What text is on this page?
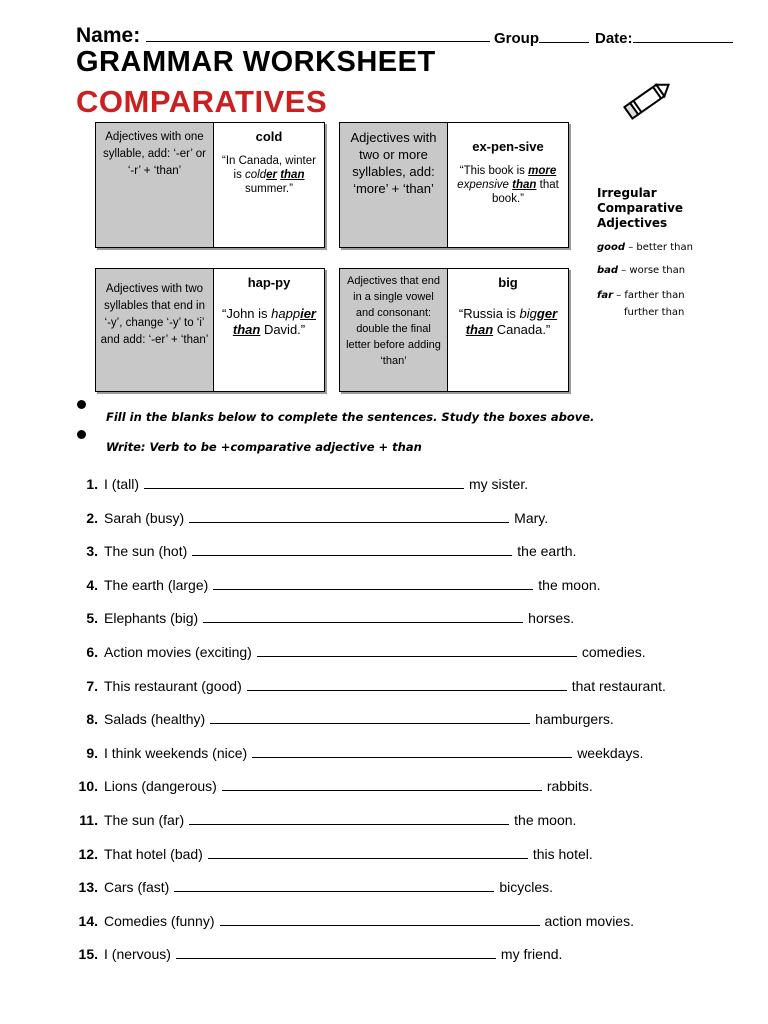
Name:	Group	Date:
GRAMMAR WORKSHEET
COMPARATIVES
Adjectives with one syllable, add: ‘-er’ or ‘-r’ + ‘than’
cold
“In Canada, winter is colder than summer.”
Adjectives with two or more syllables, add: ‘more’ + ‘than’
ex-pen-sive
“This book is more expensive than that book.”
Adjectives with two syllables that end in ‘-y’, change ‘-y’ to ‘i’ and add: ‘-er’ + ‘than’
hap-py
“John is happier than David.”
Adjectives that end in a single vowel and consonant: double the final letter before adding ‘than’
big
“Russia is bigger than Canada.”
Irregular Comparative Adjectives
good – better than
bad – worse than
far – farther than
further than
Fill in the blanks below to complete the sentences. Study the boxes above.
Write: Verb to be +comparative adjective + than
1. I (tall)	my sister.
2. Sarah (busy)	Mary.
3. The sun (hot)	the earth.
4. The earth (large)	the moon.
5. Elephants (big)	horses.
6. Action movies (exciting)	comedies.
7. This restaurant (good)	that restaurant.
8. Salads (healthy)	hamburgers.
9. I think weekends (nice)	weekdays.
10. Lions (dangerous)	rabbits.
11. The sun (far)	the moon.
12. That hotel (bad)	this hotel.
13. Cars (fast)	bicycles.
14. Comedies (funny)	action movies.
15. I (nervous)	my friend.
